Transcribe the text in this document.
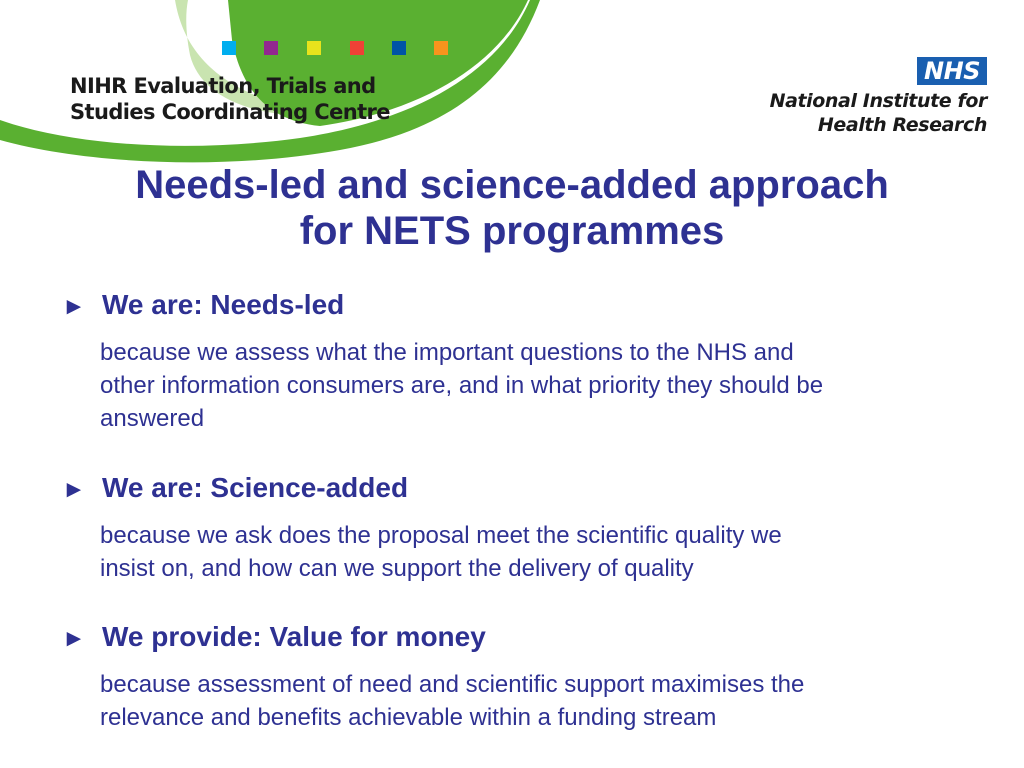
NIHR Evaluation, Trials and
Studies Coordinating Centre
NHS
National Institute for
Health Research
Needs-led and science-added approach
for NETS programmes
► We are: Needs-led
because we assess what the important questions to the NHS and
other information consumers are, and in what priority they should be
answered
► We are: Science-added
because we ask does the proposal meet the scientific quality we
insist on, and how can we support the delivery of quality
► We provide: Value for money
because assessment of need and scientific support maximises the
relevance and benefits achievable within a funding stream
